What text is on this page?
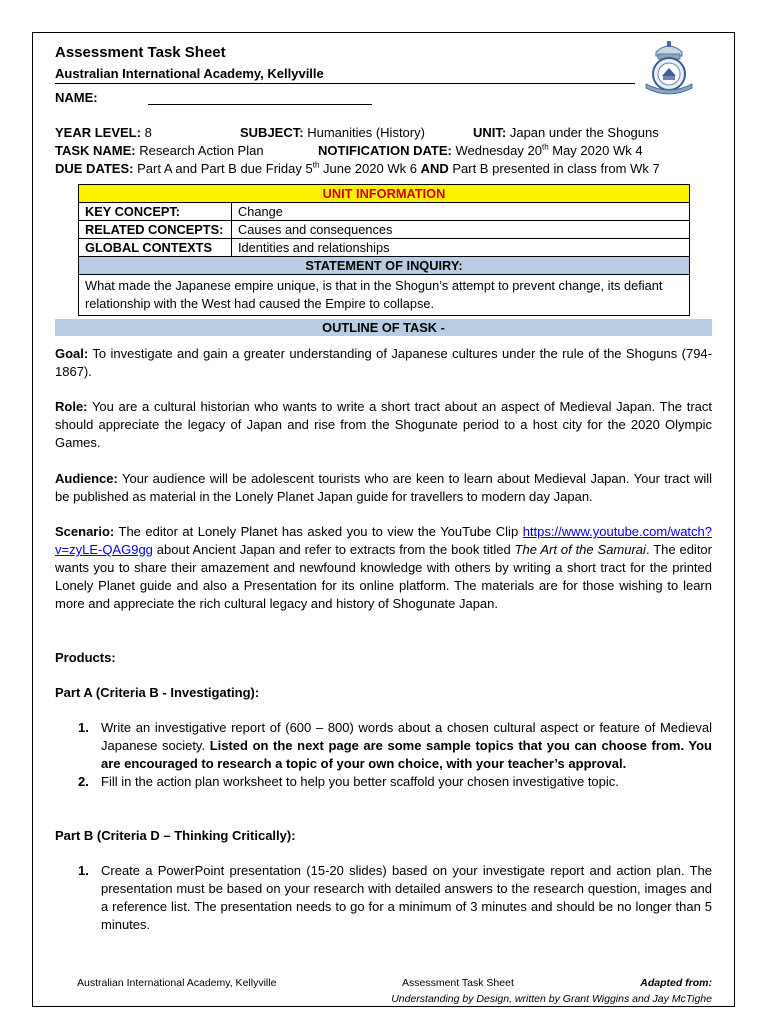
Assessment Task Sheet
Australian International Academy, Kellyville
NAME:
YEAR LEVEL: 8	SUBJECT: Humanities (History)	UNIT: Japan under the Shoguns
TASK NAME: Research Action Plan	NOTIFICATION DATE: Wednesday 20th May 2020 Wk 4
DUE DATES: Part A and Part B due Friday 5th June 2020 Wk 6 AND Part B presented in class from Wk 7
UNIT INFORMATION	
KEY CONCEPT:	Change
RELATED CONCEPTS:	Causes and consequences
GLOBAL CONTEXTS	Identities and relationships
STATEMENT OF INQUIRY:	
What made the Japanese empire unique, is that in the Shogun’s attempt to prevent change, its defiant relationship with the West had caused the Empire to collapse.	
OUTLINE OF TASK -
Goal: To investigate and gain a greater understanding of Japanese cultures under the rule of the Shoguns (794-1867).
Role: You are a cultural historian who wants to write a short tract about an aspect of Medieval Japan. The tract should appreciate the legacy of Japan and rise from the Shogunate period to a host city for the 2020 Olympic Games.
Audience: Your audience will be adolescent tourists who are keen to learn about Medieval Japan. Your tract will be published as material in the Lonely Planet Japan guide for travellers to modern day Japan.
Scenario: The editor at Lonely Planet has asked you to view the YouTube Clip https://www.youtube.com/watch?v=zyLE-QAG9gg about Ancient Japan and refer to extracts from the book titled The Art of the Samurai. The editor wants you to share their amazement and newfound knowledge with others by writing a short tract for the printed Lonely Planet guide and also a Presentation for its online platform. The materials are for those wishing to learn more and appreciate the rich cultural legacy and history of Shogunate Japan.
Products:
Part A (Criteria B - Investigating):
1. Write an investigative report of (600 – 800) words about a chosen cultural aspect or feature of Medieval Japanese society. Listed on the next page are some sample topics that you can choose from. You are encouraged to research a topic of your own choice, with your teacher’s approval.
2. Fill in the action plan worksheet to help you better scaffold your chosen investigative topic.
Part B (Criteria D – Thinking Critically):
1. Create a PowerPoint presentation (15-20 slides) based on your investigate report and action plan. The presentation must be based on your research with detailed answers to the research question, images and a reference list. The presentation needs to go for a minimum of 3 minutes and should be no longer than 5 minutes.
Australian International Academy, Kellyville	Assessment Task Sheet	Adapted from:
Understanding by Design, written by Grant Wiggins and Jay McTighe
